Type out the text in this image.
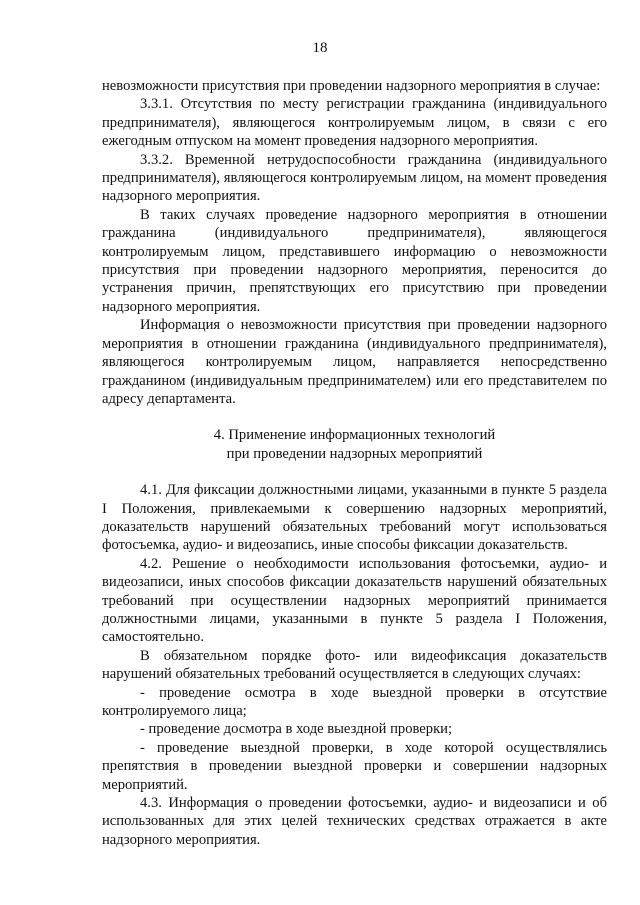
18

невозможности присутствия при проведении надзорного мероприятия в случае:

3.3.1. Отсутствия по месту регистрации гражданина (индивидуального предпринимателя), являющегося контролируемым лицом, в связи с его ежегодным отпуском на момент проведения надзорного мероприятия.

3.3.2. Временной нетрудоспособности гражданина (индивидуального предпринимателя), являющегося контролируемым лицом, на момент проведения надзорного мероприятия.

В таких случаях проведение надзорного мероприятия в отношении гражданина (индивидуального предпринимателя), являющегося контролируемым лицом, представившего информацию о невозможности присутствия при проведении надзорного мероприятия, переносится до устранения причин, препятствующих его присутствию при проведении надзорного мероприятия.

Информация о невозможности присутствия при проведении надзорного мероприятия в отношении гражданина (индивидуального предпринимателя), являющегося контролируемым лицом, направляется непосредственно гражданином (индивидуальным предпринимателем) или его представителем по адресу департамента.

4. Применение информационных технологий
при проведении надзорных мероприятий

4.1. Для фиксации должностными лицами, указанными в пункте 5 раздела I Положения, привлекаемыми к совершению надзорных мероприятий, доказательств нарушений обязательных требований могут использоваться фотосъемка, аудио- и видеозапись, иные способы фиксации доказательств.

4.2. Решение о необходимости использования фотосъемки, аудио- и видеозаписи, иных способов фиксации доказательств нарушений обязательных требований при осуществлении надзорных мероприятий принимается должностными лицами, указанными в пункте 5 раздела I Положения, самостоятельно.

В обязательном порядке фото- или видеофиксация доказательств нарушений обязательных требований осуществляется в следующих случаях:

- проведение осмотра в ходе выездной проверки в отсутствие контролируемого лица;

- проведение досмотра в ходе выездной проверки;

- проведение выездной проверки, в ходе которой осуществлялись препятствия в проведении выездной проверки и совершении надзорных мероприятий.

4.3. Информация о проведении фотосъемки, аудио- и видеозаписи и об использованных для этих целей технических средствах отражается в акте надзорного мероприятия.
